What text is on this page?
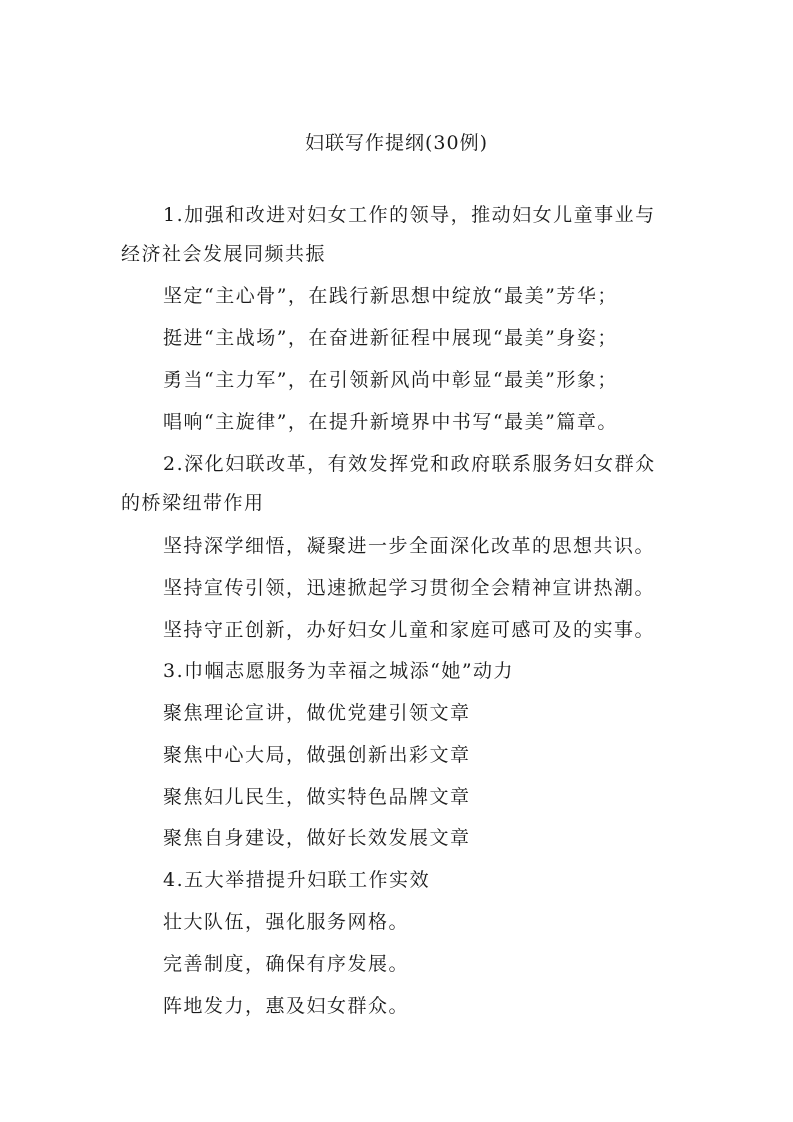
妇联写作提纲(30例)
1.加强和改进对妇女工作的领导，推动妇女儿童事业与
经济社会发展同频共振
坚定“主心骨”，在践行新思想中绽放“最美”芳华；
挺进“主战场”，在奋进新征程中展现“最美”身姿；
勇当“主力军”，在引领新风尚中彰显“最美”形象；
唱响“主旋律”，在提升新境界中书写“最美”篇章。
2.深化妇联改革，有效发挥党和政府联系服务妇女群众
的桥梁纽带作用
坚持深学细悟，凝聚进一步全面深化改革的思想共识。
坚持宣传引领，迅速掀起学习贯彻全会精神宣讲热潮。
坚持守正创新，办好妇女儿童和家庭可感可及的实事。
3.巾帼志愿服务为幸福之城添“她”动力
聚焦理论宣讲，做优党建引领文章
聚焦中心大局，做强创新出彩文章
聚焦妇儿民生，做实特色品牌文章
聚焦自身建设，做好长效发展文章
4.五大举措提升妇联工作实效
壮大队伍，强化服务网格。
完善制度，确保有序发展。
阵地发力，惠及妇女群众。
